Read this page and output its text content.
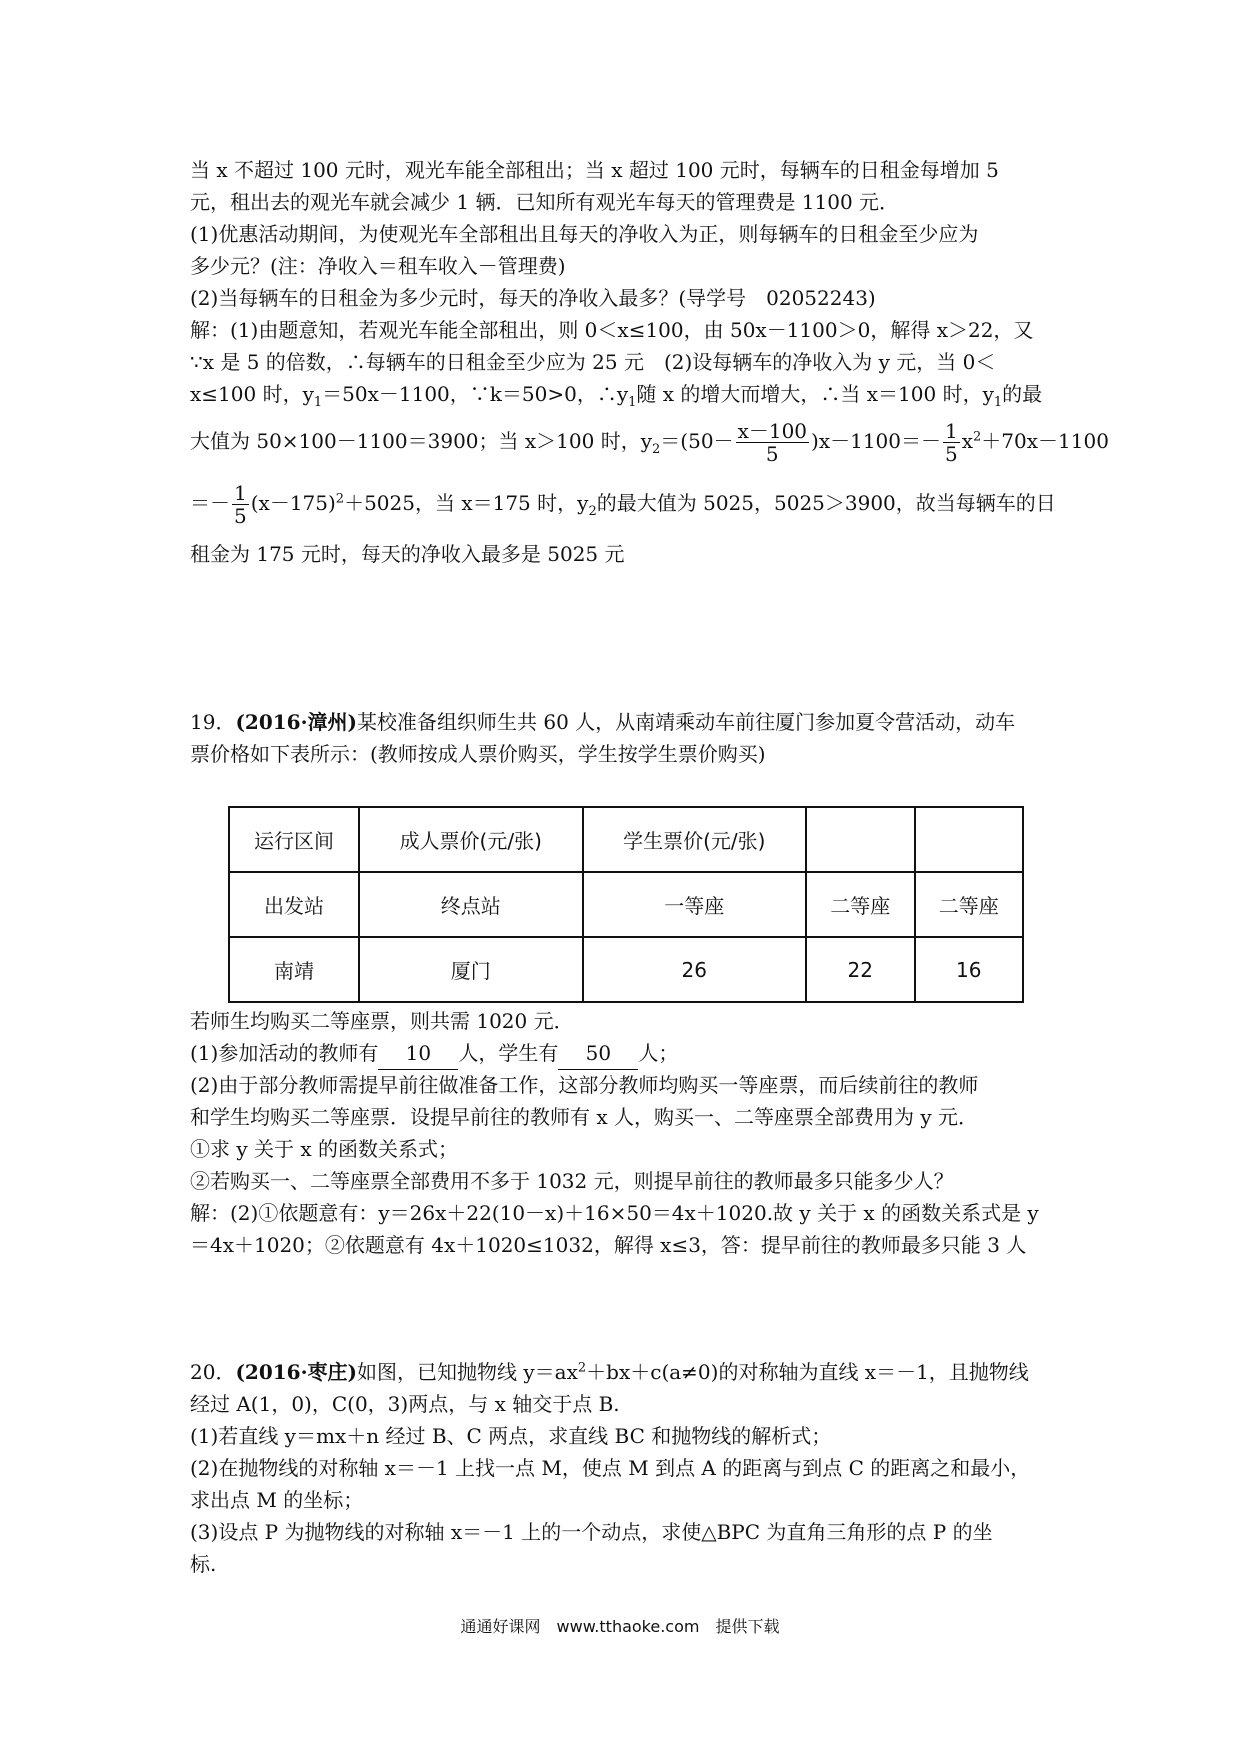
当 x 不超过 100 元时，观光车能全部租出；当 x 超过 100 元时，每辆车的日租金每增加 5
元，租出去的观光车就会减少 1 辆．已知所有观光车每天的管理费是 1100 元．
(1)优惠活动期间，为使观光车全部租出且每天的净收入为正，则每辆车的日租金至少应为
多少元？(注：净收入＝租车收入－管理费)
(2)当每辆车的日租金为多少元时，每天的净收入最多？(导学号　02052243)
解：(1)由题意知，若观光车能全部租出，则 0＜x≤100，由 50x－1100＞0，解得 x＞22，又
∵x 是 5 的倍数，∴每辆车的日租金至少应为 25 元　(2)设每辆车的净收入为 y 元，当 0＜
x≤100 时，$y_1=50x-1100$，∵k＝50>0，$\therefore y_1$随 x 的增大而增大，∴当 x＝100 时，$y_1$的最
大值为 50×100－1100＝3900；当 x＞100 时，$y_2=(50- \frac{x-100}{5} )x-1100=- \frac{1}{5} x^2+70x-1100$
＝－ $\frac{1}{5} (x-175)^2+5025$，当 x＝175 时，$y_2$的最大值为 5025，5025＞3900，故当每辆车的日
租金为 175 元时，每天的净收入最多是 5025 元
19．(2016·漳州)某校准备组织师生共 60 人，从南靖乘动车前往厦门参加夏令营活动，动车
票价格如下表所示：(教师按成人票价购买，学生按学生票价购买)
运行区间	成人票价(元/张)	学生票价(元/张)		
出发站	终点站	一等座	二等座	二等座
南靖	厦门	26	22	16
若师生均购买二等座票，则共需 1020 元．
(1)参加活动的教师有 10 人，学生有 50 人；
(2)由于部分教师需提早前往做准备工作，这部分教师均购买一等座票，而后续前往的教师
和学生均购买二等座票．设提早前往的教师有 x 人，购买一、二等座票全部费用为 y 元．
①求 y 关于 x 的函数关系式；
②若购买一、二等座票全部费用不多于 1032 元，则提早前往的教师最多只能多少人？
解：(2)①依题意有：y＝26x＋22(10－x)＋16×50＝4x＋1020.故 y 关于 x 的函数关系式是 y
＝4x＋1020；②依题意有 4x＋1020≤1032，解得 x≤3，答：提早前往的教师最多只能 3 人
20．(2016·枣庄)如图，已知抛物线 $y=ax^2+bx+c(a\ne 0)$的对称轴为直线 x＝－1，且抛物线
经过 A(1，0)，C(0，3)两点，与 x 轴交于点 B.
(1)若直线 y＝mx＋n 经过 B、C 两点，求直线 BC 和抛物线的解析式；
(2)在抛物线的对称轴 x＝－1 上找一点 M，使点 M 到点 A 的距离与到点 C 的距离之和最小，
求出点 M 的坐标；
(3)设点 P 为抛物线的对称轴 x＝－1 上的一个动点，求使△BPC 为直角三角形的点 P 的坐
标.
通通好课网　www.tthaoke.com　提供下载
